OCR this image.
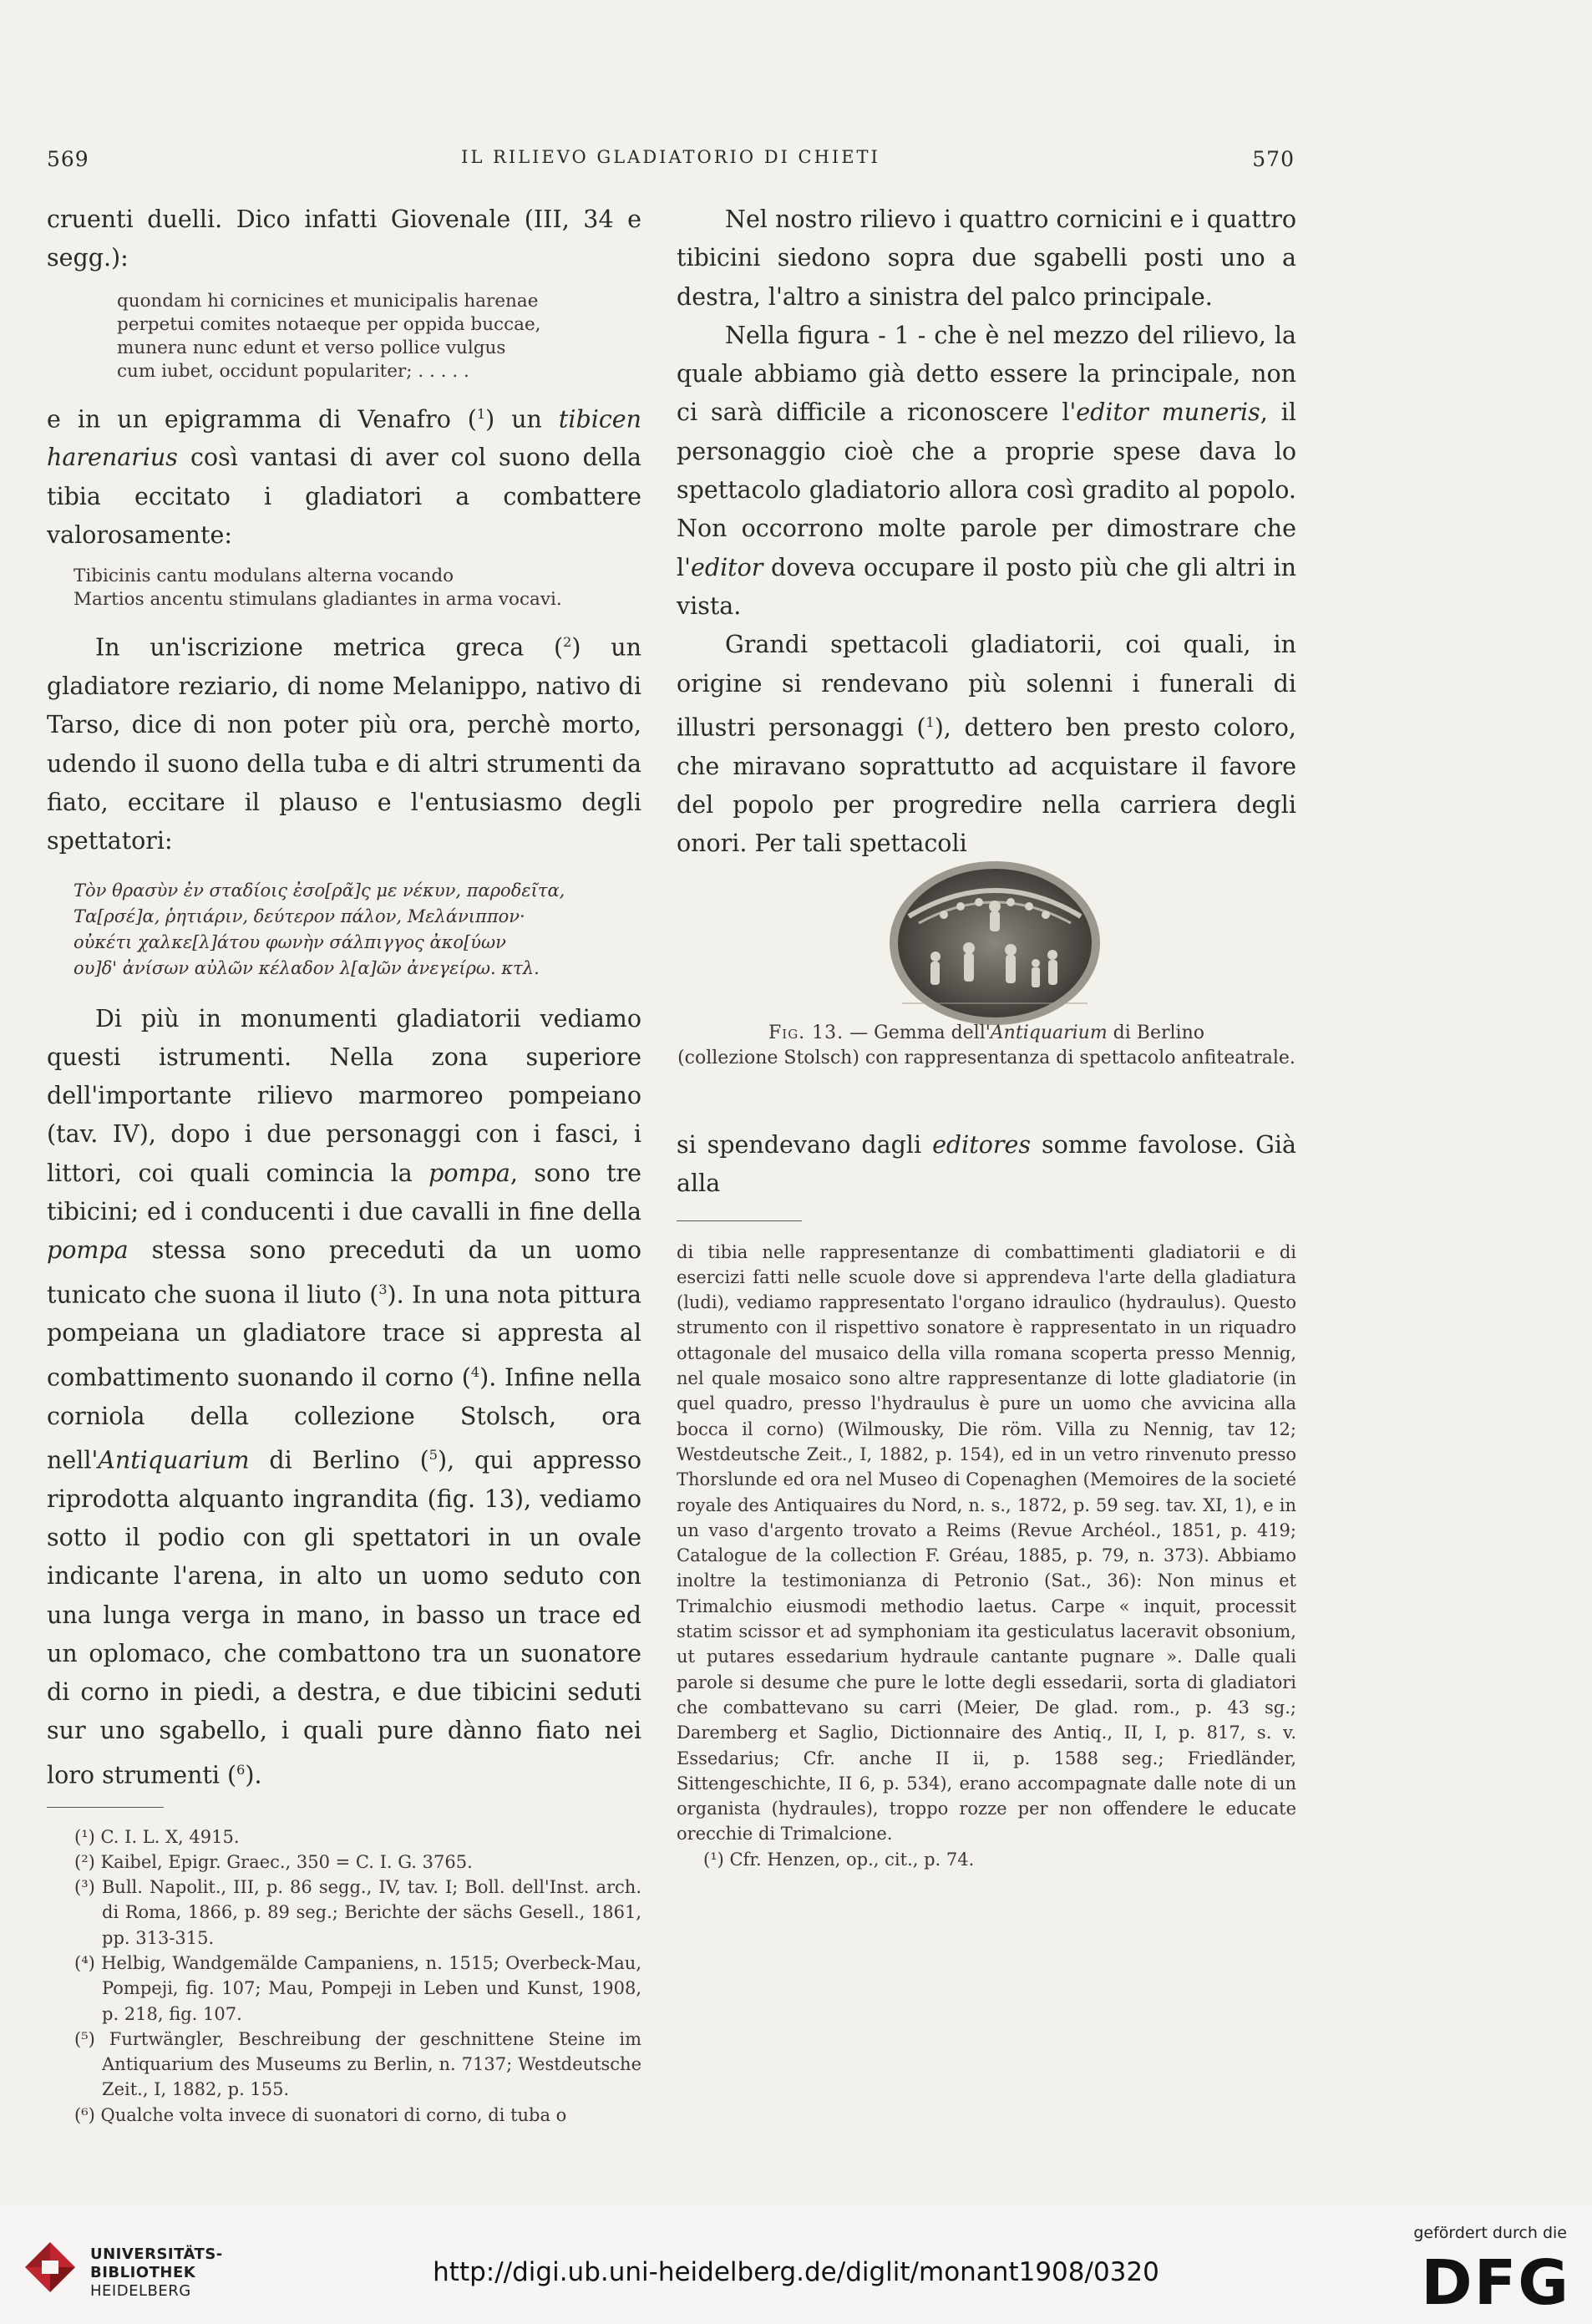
569	IL RILIEVO GLADIATORIO DI CHIETI	570

cruenti duelli. Dico infatti Giovenale (III, 34 e segg.):

quondam hi cornicines et municipalis harenae

perpetui comites notaeque per oppida buccae,

munera nunc edunt et verso pollice vulgus

cum iubet, occidunt populariter; . . . . .

e in un epigramma di Venafro ($^1$) un tibicen harenarius così vantasi di aver col suono della tibia eccitato i gladiatori a combattere valorosamente:

Tibicinis cantu modulans alterna vocando

Martios ancentu stimulans gladiantes in arma vocavi.

In un'iscrizione metrica greca ($^2$) un gladiatore reziario, di nome Melanippo, nativo di Tarso, dice di non poter più ora, perchè morto, udendo il suono della tuba e di altri strumenti da fiato, eccitare il plauso e l'entusiasmo degli spettatori:

Τὸν θρασὺν ἐν σταδίοις ἐσο[ρᾶ]ς με νέκυν, παροδεῖτα,

Τα[ρσέ]α, ῥητιάριν, δεύτερον πάλον, Μελάνιππον·

οὐκέτι χαλκε[λ]άτου φωνὴν σάλπιγγος ἀκο[ύων

ου]δ' ἀνίσων αὐλῶν κέλαδον λ[α]ῶν ἀνεγείρω. κτλ.

Di più in monumenti gladiatorii vediamo questi istrumenti. Nella zona superiore dell'importante rilievo marmoreo pompeiano (tav. IV), dopo i due personaggi con i fasci, i littori, coi quali comincia la pompa, sono tre tibicini; ed i conducenti i due cavalli in fine della pompa stessa sono preceduti da un uomo tunicato che suona il liuto ($^3$). In una nota pittura pompeiana un gladiatore trace si appresta al combattimento suonando il corno ($^4$). Infine nella corniola della collezione Stolsch, ora nell'Antiquarium di Berlino ($^5$), qui appresso riprodotta alquanto ingrandita (fig. 13), vediamo sotto il podio con gli spettatori in un ovale indicante l'arena, in alto un uomo seduto con una lunga verga in mano, in basso un trace ed un oplomaco, che combattono tra un suonatore di corno in piedi, a destra, e due tibicini seduti sur uno sgabello, i quali pure dànno fiato nei loro strumenti ($^6$).

(¹) C. I. L. X, 4915.

(²) Kaibel, Epigr. Graec., 350 = C. I. G. 3765.

(³) Bull. Napolit., III, p. 86 segg., IV, tav. I; Boll. dell'Inst. arch. di Roma, 1866, p. 89 seg.; Berichte der sächs Gesell., 1861, pp. 313-315.

(⁴) Helbig, Wandgemälde Campaniens, n. 1515; Overbeck-Mau, Pompeji, fig. 107; Mau, Pompeji in Leben und Kunst, 1908, p. 218, fig. 107.

(⁵) Furtwängler, Beschreibung der geschnittene Steine im Antiquarium des Museums zu Berlin, n. 7137; Westdeutsche Zeit., I, 1882, p. 155.

(⁶) Qualche volta invece di suonatori di corno, di tuba o

Nel nostro rilievo i quattro cornicini e i quattro tibicini siedono sopra due sgabelli posti uno a destra, l'altro a sinistra del palco principale.

Nella figura - 1 - che è nel mezzo del rilievo, la quale abbiamo già detto essere la principale, non ci sarà difficile a riconoscere l'editor muneris, il personaggio cioè che a proprie spese dava lo spettacolo gladiatorio allora così gradito al popolo. Non occorrono molte parole per dimostrare che l'editor doveva occupare il posto più che gli altri in vista.

Grandi spettacoli gladiatorii, coi quali, in origine si rendevano più solenni i funerali di illustri personaggi ($^1$), dettero ben presto coloro, che miravano soprattutto ad acquistare il favore del popolo per progredire nella carriera degli onori. Per tali spettacoli

Fig. 13. — Gemma dell'Antiquarium di Berlino
(collezione Stolsch) con rappresentanza di spettacolo anfiteatrale.

si spendevano dagli editores somme favolose. Già alla

di tibia nelle rappresentanze di combattimenti gladiatorii e di esercizi fatti nelle scuole dove si apprendeva l'arte della gladiatura (ludi), vediamo rappresentato l'organo idraulico (hydraulus). Questo strumento con il rispettivo sonatore è rappresentato in un riquadro ottagonale del musaico della villa romana scoperta presso Mennig, nel quale mosaico sono altre rappresentanze di lotte gladiatorie (in quel quadro, presso l'hydraulus è pure un uomo che avvicina alla bocca il corno) (Wilmousky, Die röm. Villa zu Nennig, tav 12; Westdeutsche Zeit., I, 1882, p. 154), ed in un vetro rinvenuto presso Thorslunde ed ora nel Museo di Copenaghen (Memoires de la societé royale des Antiquaires du Nord, n. s., 1872, p. 59 seg. tav. XI, 1), e in un vaso d'argento trovato a Reims (Revue Archéol., 1851, p. 419; Catalogue de la collection F. Gréau, 1885, p. 79, n. 373). Abbiamo inoltre la testimonianza di Petronio (Sat., 36): Non minus et Trimalchio eiusmodi methodio laetus. Carpe « inquit, processit statim scissor et ad symphoniam ita gesticulatus laceravit obsonium, ut putares essedarium hydraule cantante pugnare ». Dalle quali parole si desume che pure le lotte degli essedarii, sorta di gladiatori che combattevano su carri (Meier, De glad. rom., p. 43 sg.; Daremberg et Saglio, Dictionnaire des Antiq., II, I, p. 817, s. v. Essedarius; Cfr. anche II ii, p. 1588 seg.; Friedländer, Sittengeschichte, II 6, p. 534), erano accompagnate dalle note di un organista (hydraules), troppo rozze per non offendere le educate orecchie di Trimalcione.

(¹) Cfr. Henzen, op., cit., p. 74.

UNIVERSITÄTS-
BIBLIOTHEK
HEIDELBERG
http://digi.ub.uni-heidelberg.de/diglit/monant1908/0320
gefördert durch die
DFG
